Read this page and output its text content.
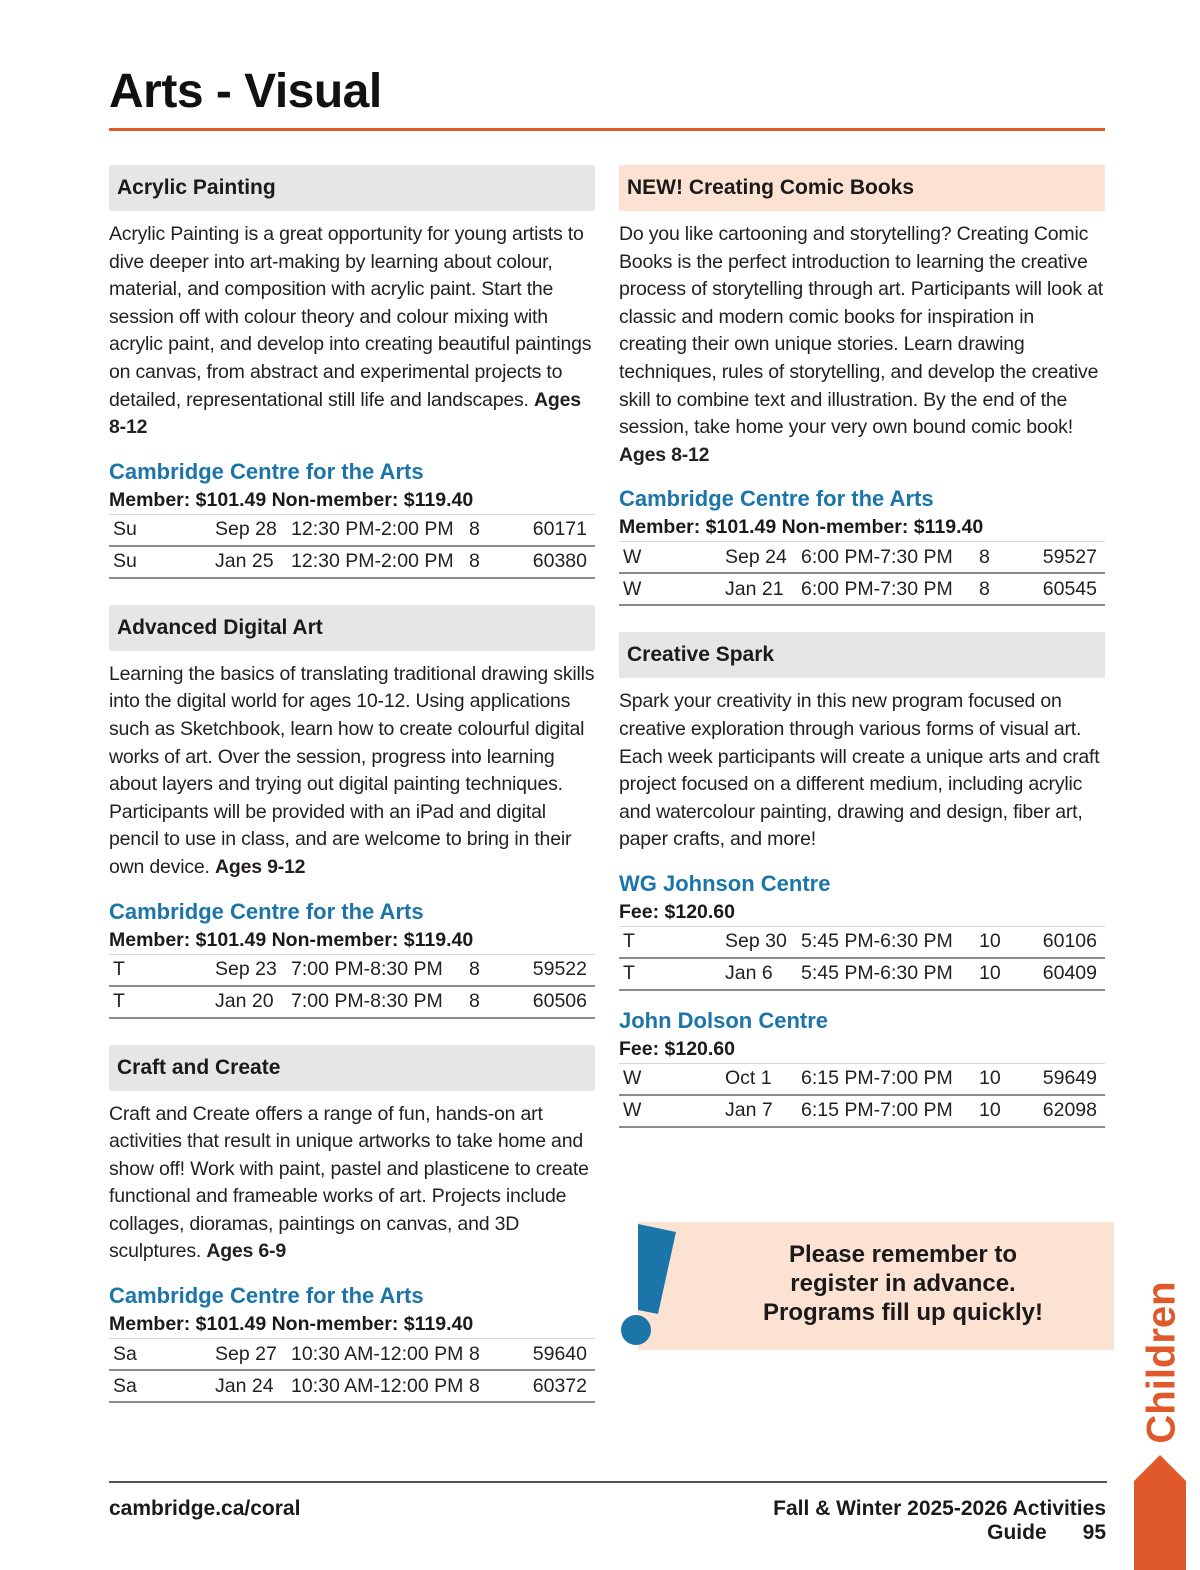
Arts - Visual
Acrylic Painting

Acrylic Painting is a great opportunity for young artists to dive deeper into art-making by learning about colour, material, and composition with acrylic paint. Start the session off with colour theory and colour mixing with acrylic paint, and develop into creating beautiful paintings on canvas, from abstract and experimental projects to detailed, representational still life and landscapes. Ages 8-12

Cambridge Centre for the Arts
Member: $101.49 Non-member: $119.40
Su	Sep 28	12:30 PM-2:00 PM	8	60171
Su	Jan 25	12:30 PM-2:00 PM	8	60380
Advanced Digital Art

Learning the basics of translating traditional drawing skills into the digital world for ages 10-12. Using applications such as Sketchbook, learn how to create colourful digital works of art. Over the session, progress into learning about layers and trying out digital painting techniques. Participants will be provided with an iPad and digital pencil to use in class, and are welcome to bring in their own device. Ages 9-12

Cambridge Centre for the Arts
Member: $101.49 Non-member: $119.40
T	Sep 23	7:00 PM-8:30 PM	8	59522
T	Jan 20	7:00 PM-8:30 PM	8	60506
Craft and Create

Craft and Create offers a range of fun, hands-on art activities that result in unique artworks to take home and show off! Work with paint, pastel and plasticene to create functional and frameable works of art. Projects include collages, dioramas, paintings on canvas, and 3D sculptures. Ages 6-9

Cambridge Centre for the Arts
Member: $101.49 Non-member: $119.40
Sa	Sep 27	10:30 AM-12:00 PM	8	59640
Sa	Jan 24	10:30 AM-12:00 PM	8	60372
NEW! Creating Comic Books

Do you like cartooning and storytelling? Creating Comic Books is the perfect introduction to learning the creative process of storytelling through art. Participants will look at classic and modern comic books for inspiration in creating their own unique stories. Learn drawing techniques, rules of storytelling, and develop the creative skill to combine text and illustration. By the end of the session, take home your very own bound comic book! Ages 8-12

Cambridge Centre for the Arts
Member: $101.49 Non-member: $119.40
W	Sep 24	6:00 PM-7:30 PM	8	59527
W	Jan 21	6:00 PM-7:30 PM	8	60545
Creative Spark

Spark your creativity in this new program focused on creative exploration through various forms of visual art. Each week participants will create a unique arts and craft project focused on a different medium, including acrylic and watercolour painting, drawing and design, fiber art, paper crafts, and more!

WG Johnson Centre
Fee: $120.60
T	Sep 30	5:45 PM-6:30 PM	10	60106
T	Jan 6	5:45 PM-6:30 PM	10	60409
John Dolson Centre
Fee: $120.60
W	Oct 1	6:15 PM-7:00 PM	10	59649
W	Jan 7	6:15 PM-7:00 PM	10	62098
Please remember to
register in advance.
Programs fill up quickly!	Children
cambridge.ca/coral	Fall & Winter 2025-2026 Activities Guide 95
